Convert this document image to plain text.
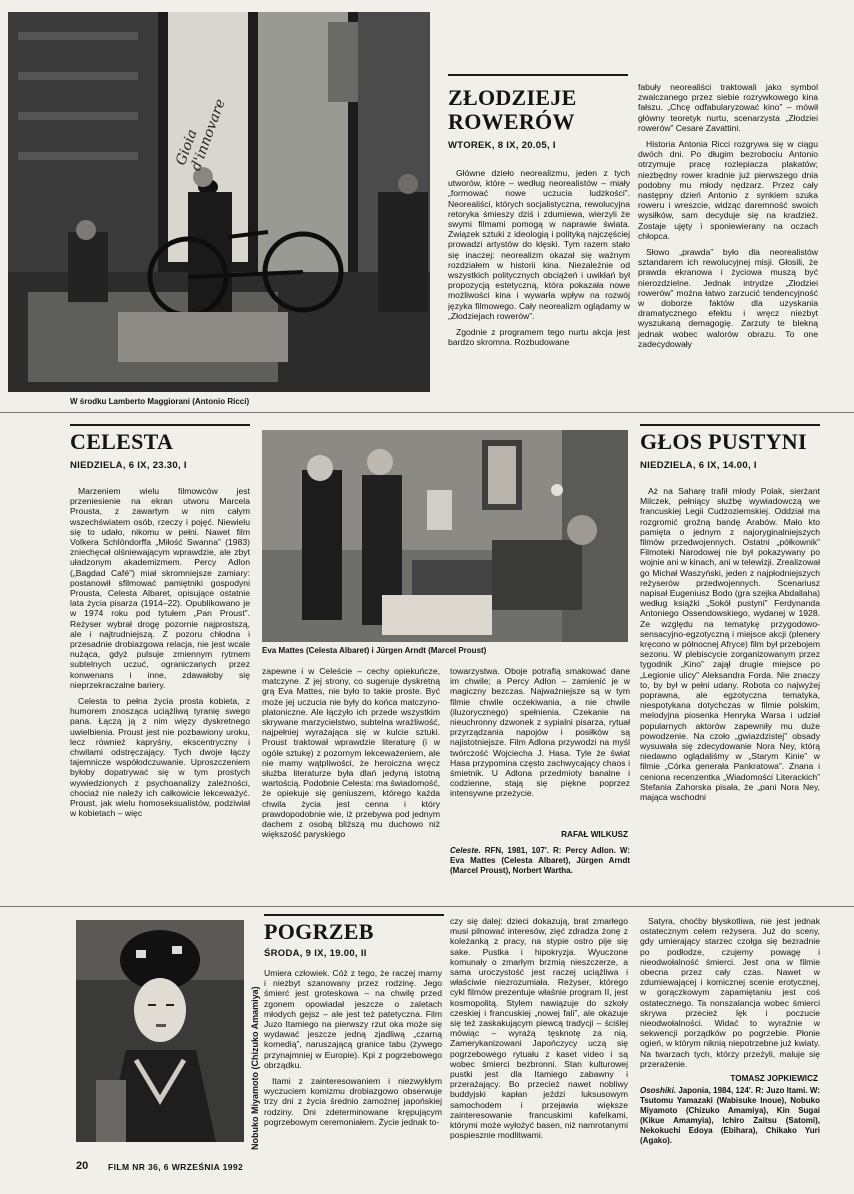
Gioia d'innovare
W środku Lamberto Maggiorani (Antonio Ricci)
ZŁODZIEJE
ROWERÓW
WTOREK, 8 IX, 20.05, I

Główne dzieło neorealizmu, jeden z tych utworów, które – według neorealistów – miały „formować nowe uczucia ludzkości”. Neorealiści, których socjalistyczna, rewolucyjna retoryka śmieszy dziś i zdumiewa, wierzyli że swymi filmami pomogą w naprawie świata. Związek sztuki z ideologią i polityką najczęściej prowadzi artystów do klęski. Tym razem stało się inaczej: neorealizm okazał się ważnym rozdziałem w historii kina. Niezależnie od wszystkich politycznych obciążeń i uwikłań był propozycją estetyczną, która pokazała nowe możliwości kina i wywarła wpływ na rozwój języka filmowego. Cały neorealizm oglądamy w „Złodziejach rowerów”.

Zgodnie z programem tego nurtu akcja jest bardzo skromna. Rozbudowane

fabuły neorealiści traktowali jako symbol zwalczanego przez siebie rozrywkowego kina fałszu. „Chcę odfabularyzować kino” – mówił główny teoretyk nurtu, scenarzysta „Złodziei rowerów” Cesare Zavattini.

Historia Antonia Ricci rozgrywa się w ciągu dwóch dni. Po długim bezrobociu Antonio otrzymuje pracę rozlepiacza plakatów; niezbędny rower kradnie już pierwszego dnia podobny mu młody nędzarz. Przez cały następny dzień Antonio z synkiem szuka roweru i wreszcie, widząc daremność swoich wysiłków, sam decyduje się na kradzież. Zostaje ujęty i sponiewierany na oczach chłopca.

Słowo „prawda” było dla neorealistów sztandarem ich rewolucyjnej misji. Głosili, że prawda ekranowa i życiowa muszą być nierozdzielne. Jednak intrydze „Złodziei rowerów” można łatwo zarzucić tendencyjność w doborze faktów dla uzyskania dramatycznego efektu i wręcz niezbyt wyszukaną demagogię. Zarzuty te blekną jednak wobec walorów obrazu. To one zadecydowały

CELESTA
NIEDZIELA, 6 IX, 23.30, I

Marzeniem wielu filmowców jest przeniesienie na ekran utworu Marcela Prousta, z zawartym w nim całym wszechświatem osób, rzeczy i pojęć. Niewielu się to udało, nikomu w pełni. Nawet film Volkera Schlöndorffa „Miłość Swanna” (1983) zniechęcał olśniewającym wprawdzie, ale zbyt uładzonym akademizmem. Percy Adlon („Bagdad Café”) miał skromniejsze zamiary: postanowił sfilmować pamiętniki gospodyni Prousta, Celesta Albaret, opisujące ostatnie lata życia pisarza (1914–22). Opublikowano je w 1974 roku pod tytułem „Pan Proust”. Reżyser wybrał drogę pozornie najprostszą, ale i najtrudniejszą. Z pozoru chłodna i przesadnie drobiazgowa relacja, nie jest wcale nużąca, gdyż pulsuje zmiennym rytmem subtelnych uczuć, ograniczanych przez konwenans i inne, zdawałoby się nieprzekraczalne bariery.

Celesta to pełna życia prosta kobieta, z humorem znosząca uciążliwą tyranię swego pana. Łączą ją z nim więzy dyskretnego uwielbienia. Proust jest nie pozbawiony uroku, lecz również kapryśny, ekscentryczny i chwilami odstręczający. Tych dwoje łączy tajemnicze współodczuwanie. Uproszczeniem byłoby dopatrywać się w tym prostych wywiedzionych z psychoanalizy zależności, chociaż nie należy ich całkowicie lekceważyć. Proust, jak wielu homoseksualistów, podziwiał w kobietach – więc

Eva Mattes (Celesta Albaret) i Jürgen Arndt (Marcel Proust)

zapewne i w Celeście – cechy opiekuńcze, matczyne. Z jej strony, co sugeruje dyskretną grą Eva Mattes, nie było to takie proste. Być może jej uczucia nie były do końca matczyno-platoniczne. Ale łączyło ich przede wszystkim skrywane marzycielstwo, subtelna wrażliwość, najpełniej wyrażająca się w kulcie sztuki. Proust traktował wprawdzie literaturę (i w ogóle sztukę) z pozornym lekceważeniem, ale nie mamy wątpliwości, że heroiczna wręcz służba literaturze była dlań jedyną istotną wartością. Podobnie Celesta: ma świadomość, że opiekuje się geniuszem, którego każda chwila życia jest cenna i który prawdopodobnie wie, iż przebywa pod jednym dachem z osobą bliższą mu duchowo niż większość paryskiego

towarzystwa. Oboje potrafią smakować dane im chwile; a Percy Adlon – zamienić je w magiczny bezczas. Najważniejsze są w tym filmie chwile oczekiwania, a nie chwile (iluzorycznego) spełnienia. Czekanie na nieuchronny dzwonek z sypialni pisarza, rytuał przyrządzania napojów i posiłków są najistotniejsze. Film Adlona przywodzi na myśl twórczość Wojciecha J. Hasa. Tyle że świat Hasa przypomina często zachwycający chaos i śmietnik. U Adlona przedmioty banalne i codzienne, stają się piękne poprzez intensywne przeżycie.

RAFAŁ WILKUSZ
Celeste. RFN, 1981, 107'. R: Percy Adlon. W: Eva Mattes (Celesta Albaret), Jürgen Arndt (Marcel Proust), Norbert Wartha.
GŁOS PUSTYNI
NIEDZIELA, 6 IX, 14.00, I

Aż na Saharę trafił młody Polak, sierżant Milczek, pełniący służbę wywiadowczą we francuskiej Legii Cudzoziemskiej. Oddział ma rozgromić groźną bandę Arabów. Mało kto pamięta o jednym z najoryginalniejszych filmów przedwojennych. Ostatni „półkownik” Filmoteki Narodowej nie był pokazywany po wojnie ani w kinach, ani w telewizji. Zrealizował go Michał Waszyński, jeden z najpłodniejszych reżyserów przedwojennych. Scenariusz napisał Eugeniusz Bodo (gra szejka Abdallaha) według książki „Sokół pustyni” Ferdynanda Antoniego Ossendowskiego, wydanej w 1928. Ze względu na tematykę przygodowo-sensacyjno-egzotyczną i miejsce akcji (plenery kręcono w północnej Afryce) film był przebojem sezonu. W plebiscycie zorganizowanym przez tygodnik „Kino” zajął drugie miejsce po „Legionie ulicy” Aleksandra Forda. Nie znaczy to, by był w pełni udany. Robota co najwyżej poprawna, ale egzotyczna tematyka, niespotykana dotychczas w filmie polskim, melodyjna piosenka Henryka Warsa i udział popularnych aktorów zapewniły mu duże powodzenie. Na czoło „gwiazdzistej” obsady wysuwała się zdecydowanie Nora Ney, którą niedawno oglądaliśmy w „Starym Kinie” w filmie „Córka generała Pankratowa”. Znana i ceniona recenzentka „Wiadomości Literackich” Stefania Zahorska pisała, że „pani Nora Ney, mająca wschodni

Nobuko Miyamoto (Chizuko Amamiya)
POGRZEB
ŚRODA, 9 IX, 19.00, II

Umiera człowiek. Cóż z tego, że raczej marny i niezbyt szanowany przez rodzinę. Jego śmierć jest groteskowa – na chwilę przed zgonem opowiadał jeszcze o zaletach młodych gejsz – ale jest też patetyczna. Film Juzo Itamiego na pierwszy rzut oka może się wydawać jeszcze jedną zjadliwą „czarną komedią”, naruszającą granice tabu (żywego przynajmniej w Europie). Kpi z pogrzebowego obrządku.

Itami z zainteresowaniem i niezwykłym wyczuciem komizmu drobiazgowo obserwuje trzy dni z życia średnio zamożnej japońskiej rodziny. Dni zdeterminowane krępującym pogrzebowym ceremoniałem. Życie jednak to-

czy się dalej: dzieci dokazują, brat zmarłego musi pilnować interesów, zięć zdradza żonę z koleżanką z pracy, na stypie ostro pije się sake. Pustka i hipokryzja. Wyuczone komunały o zmarłym brzmią nieszczerze, a sama uroczystość jest raczej uciążliwa i właściwie niezrozumiała. Reżyser, którego cykl filmów prezentuje właśnie program II, jest kosmopolitą. Stylem nawiązuje do szkoły czeskiej i francuskiej „nowej fali”, ale okazuje się też zaskakującym piewcą tradycji – ściślej mówiąc – wyrażą tęsknotę za nią. Zamerykanizowani Japończycy uczą się pogrzebowego rytuału z kaset video i są wobec śmierci bezbronni. Stan kulturowej pustki jest dla Itamiego zabawny i przerażający. Bo przecież nawet nobliwy buddyjski kapłan jeździ luksusowym samochodem i przejawia większe zainteresowanie francuskimi kafelkami, którymi może wyłożyć basen, niż namrotanymi pospiesznie modlitwami.

Satyra, choćby błyskotliwa, nie jest jednak ostatecznym celem reżysera. Już do sceny, gdy umierający starzec czołga się bezradnie po podłodze, czujemy powagę i nieodwołalność śmierci. Jest ona w filmie obecna przez cały czas. Nawet w zdumiewającej i komicznej scenie erotycznej, w gorączkowym zapamiętaniu jest coś ostatecznego. Ta nonszalancja wobec śmierci skrywa przecież lęk i poczucie nieodwołalności. Widać to wyraźnie w sekwencji porządków po pogrzebie. Płonie ogień, w którym niknią niepotrzebne już kwiaty. Na twarzach tych, którzy przeżyli, maluje się przerażenie.

TOMASZ JOPKIEWICZ
Ososhiki. Japonia, 1984, 124'. R: Juzo Itami. W: Tsutomu Yamazaki (Wabisuke Inoue), Nobuko Miyamoto (Chizuko Amamiya), Kin Sugai (Kikue Amamyia), Ichiro Zaitsu (Satomi), Nekokuchi Edoya (Ebihara), Chikako Yuri (Agako).
20 FILM NR 36, 6 WRZEŚNIA 1992
